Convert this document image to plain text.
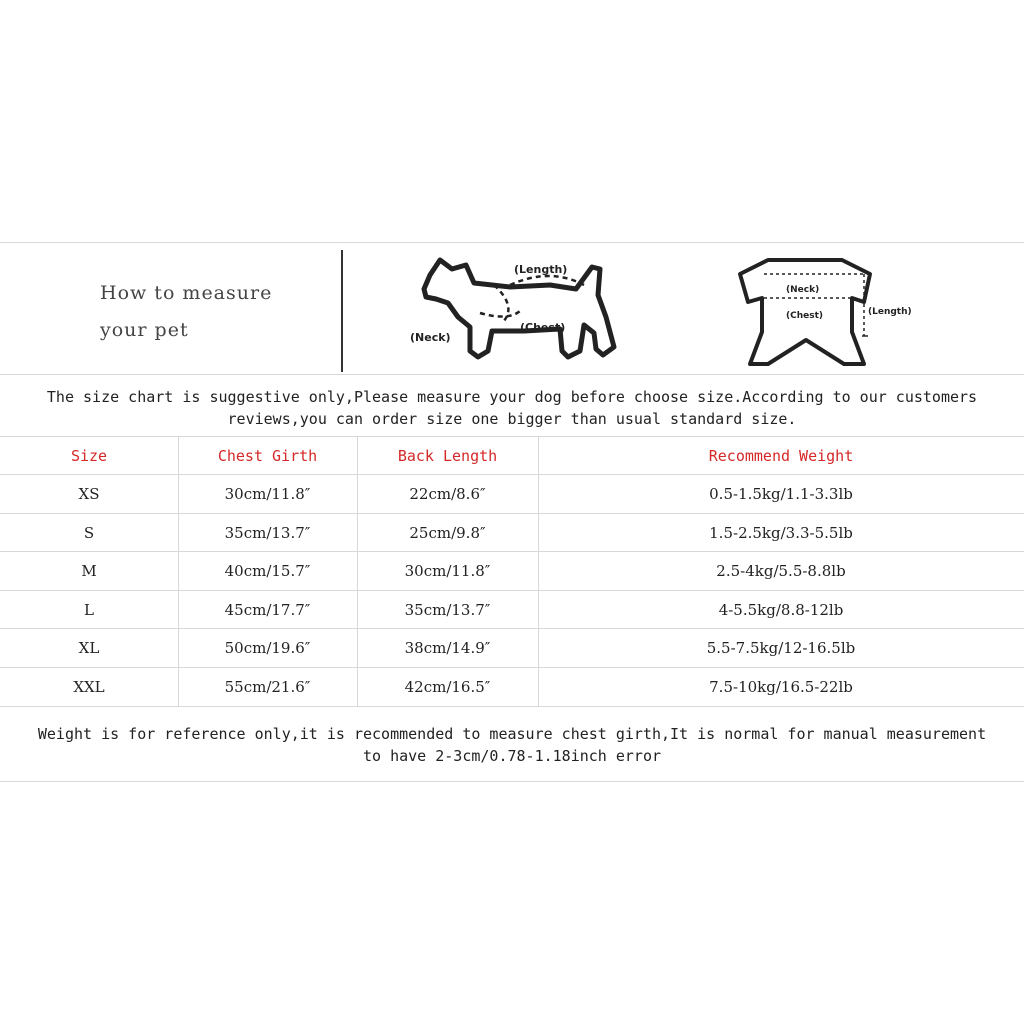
How to measure
your pet
(Length)
(Neck)
(Chest)
(Neck)
(Chest)	(Length)
The size chart is suggestive only,Please measure your dog before choose size.According to our customers
reviews,you can order size one bigger than usual standard size.
Size	Chest Girth	Back Length	Recommend Weight
XS	30cm/11.8″	22cm/8.6″	0.5-1.5kg/1.1-3.3lb
S	35cm/13.7″	25cm/9.8″	1.5-2.5kg/3.3-5.5lb
M	40cm/15.7″	30cm/11.8″	2.5-4kg/5.5-8.8lb
L	45cm/17.7″	35cm/13.7″	4-5.5kg/8.8-12lb
XL	50cm/19.6″	38cm/14.9″	5.5-7.5kg/12-16.5lb
XXL	55cm/21.6″	42cm/16.5″	7.5-10kg/16.5-22lb
Weight is for reference only,it is recommended to measure chest girth,It is normal for manual measurement
to have 2-3cm/0.78-1.18inch error
